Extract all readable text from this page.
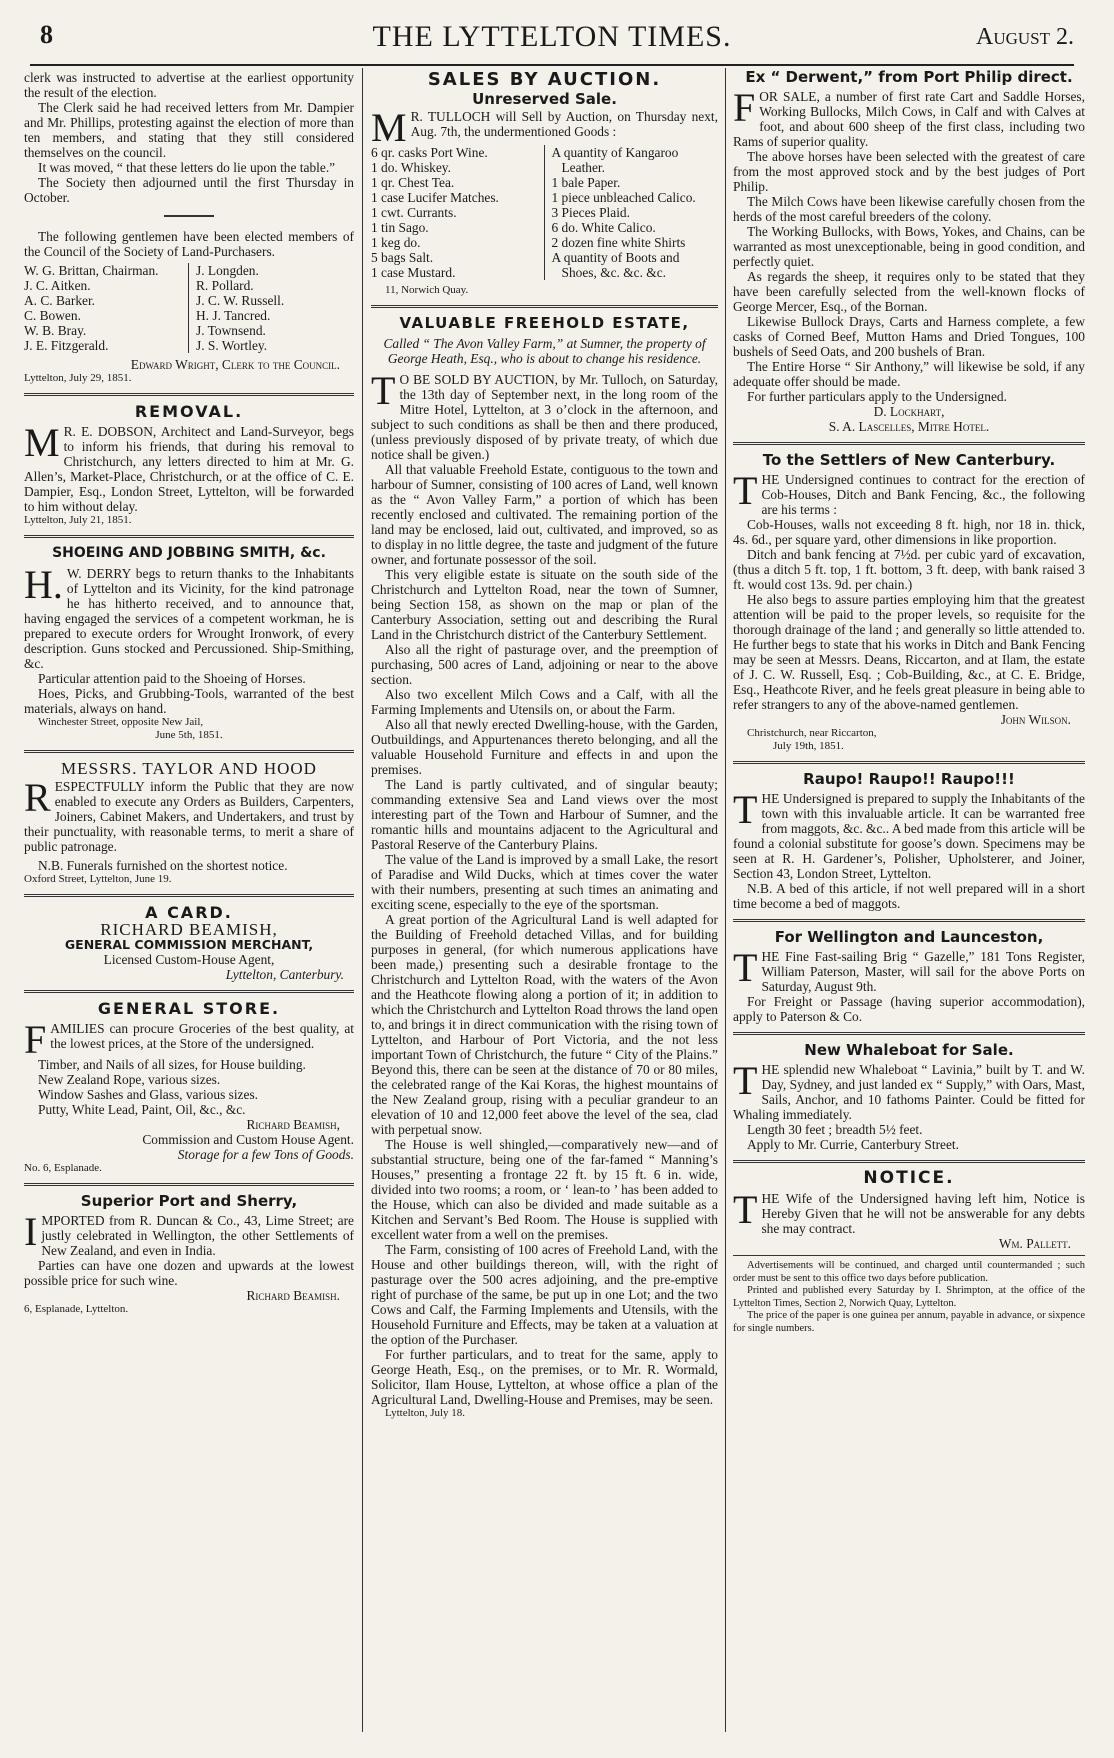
8	THE LYTTELTON TIMES.	August 2.

clerk was instructed to advertise at the earliest opportunity the result of the election.

The Clerk said he had received letters from Mr. Dampier and Mr. Phillips, protesting against the election of more than ten members, and stating that they still considered themselves on the council.

It was moved, “ that these letters do lie upon the table.”

The Society then adjourned until the first Thursday in October.

The following gentlemen have been elected members of the Council of the Society of Land-Purchasers.

W. G. Brittan, Chairman.
J. C. Aitken.
A. C. Barker.
C. Bowen.
W. B. Bray.
J. E. Fitzgerald.
J. Longden.
R. Pollard.
J. C. W. Russell.
H. J. Tancred.
J. Townsend.
J. S. Wortley.

Edward Wright, Clerk to the Council.

Lyttelton, July 29, 1851.

REMOVAL.

M R. E. DOBSON, Architect and Land-Surveyor, begs to inform his friends, that during his removal to Christchurch, any letters directed to him at Mr. G. Allen’s, Market-Place, Christchurch, or at the office of C. E. Dampier, Esq., London Street, Lyttelton, will be forwarded to him without delay.

Lyttelton, July 21, 1851.

SHOEING AND JOBBING SMITH, &c.

H. W. DERRY begs to return thanks to the Inhabitants of Lyttelton and its Vicinity, for the kind patronage he has hitherto received, and to announce that, having engaged the services of a competent workman, he is prepared to execute orders for Wrought Ironwork, of every description. Guns stocked and Percussioned. Ship-Smithing, &c.

Particular attention paid to the Shoeing of Horses.

Hoes, Picks, and Grubbing-Tools, warranted of the best materials, always on hand.

Winchester Street, opposite New Jail,

June 5th, 1851.

MESSRS. TAYLOR AND HOOD

RESPECTFULLY inform the Public that they are now enabled to execute any Orders as Builders, Carpenters, Joiners, Cabinet Makers, and Undertakers, and trust by their punctuality, with reasonable terms, to merit a share of public patronage.

N.B. Funerals furnished on the shortest notice.

Oxford Street, Lyttelton, June 19.

A CARD.
RICHARD BEAMISH,

GENERAL COMMISSION MERCHANT,

Licensed Custom-House Agent,

Lyttelton, Canterbury.

GENERAL STORE.

FAMILIES can procure Groceries of the best quality, at the lowest prices, at the Store of the undersigned.

Timber, and Nails of all sizes, for House building.

New Zealand Rope, various sizes.

Window Sashes and Glass, various sizes.

Putty, White Lead, Paint, Oil, &c., &c.

Richard Beamish,

Commission and Custom House Agent.

Storage for a few Tons of Goods.

No. 6, Esplanade.

Superior Port and Sherry,

IMPORTED from R. Duncan & Co., 43, Lime Street; are justly celebrated in Wellington, the other Settlements of New Zealand, and even in India.

Parties can have one dozen and upwards at the lowest possible price for such wine.

Richard Beamish.

6, Esplanade, Lyttelton.

SALES BY AUCTION.
Unreserved Sale.

M R. TULLOCH will Sell by Auction, on Thursday next, Aug. 7th, the undermentioned Goods :

6 qr. casks Port Wine.
1 do. Whiskey.
1 qr. Chest Tea.
1 case Lucifer Matches.
1 cwt. Currants.
1 tin Sago.
1 keg do.
5 bags Salt.
1 case Mustard.
A quantity of Kangaroo Leather.
1 bale Paper.
1 piece unbleached Calico.
3 Pieces Plaid.
6 do. White Calico.
2 dozen fine white Shirts
A quantity of Boots and Shoes, &c. &c. &c.

11, Norwich Quay.

VALUABLE FREEHOLD ESTATE,

Called “ The Avon Valley Farm,” at Sumner, the property of George Heath, Esq., who is about to change his residence.

T O BE SOLD BY AUCTION, by Mr. Tulloch, on Saturday, the 13th day of September next, in the long room of the Mitre Hotel, Lyttelton, at 3 o’clock in the afternoon, and subject to such conditions as shall be then and there produced, (unless previously disposed of by private treaty, of which due notice shall be given.)

All that valuable Freehold Estate, contiguous to the town and harbour of Sumner, consisting of 100 acres of Land, well known as the “ Avon Valley Farm,” a portion of which has been recently enclosed and cultivated. The remaining portion of the land may be enclosed, laid out, cultivated, and improved, so as to display in no little degree, the taste and judgment of the future owner, and fortunate possessor of the soil.

This very eligible estate is situate on the south side of the Christchurch and Lyttelton Road, near the town of Sumner, being Section 158, as shown on the map or plan of the Canterbury Association, setting out and describing the Rural Land in the Christchurch district of the Canterbury Settlement.

Also all the right of pasturage over, and the preemption of purchasing, 500 acres of Land, adjoining or near to the above section.

Also two excellent Milch Cows and a Calf, with all the Farming Implements and Utensils on, or about the Farm.

Also all that newly erected Dwelling-house, with the Garden, Outbuildings, and Appurtenances thereto belonging, and all the valuable Household Furniture and effects in and upon the premises.

The Land is partly cultivated, and of singular beauty; commanding extensive Sea and Land views over the most interesting part of the Town and Harbour of Sumner, and the romantic hills and mountains adjacent to the Agricultural and Pastoral Reserve of the Canterbury Plains.

The value of the Land is improved by a small Lake, the resort of Paradise and Wild Ducks, which at times cover the water with their numbers, presenting at such times an animating and exciting scene, especially to the eye of the sportsman.

A great portion of the Agricultural Land is well adapted for the Building of Freehold detached Villas, and for building purposes in general, (for which numerous applications have been made,) presenting such a desirable frontage to the Christchurch and Lyttelton Road, with the waters of the Avon and the Heathcote flowing along a portion of it; in addition to which the Christchurch and Lyttelton Road throws the land open to, and brings it in direct communication with the rising town of Lyttelton, and Harbour of Port Victoria, and the not less important Town of Christchurch, the future “ City of the Plains.” Beyond this, there can be seen at the distance of 70 or 80 miles, the celebrated range of the Kai Koras, the highest mountains of the New Zealand group, rising with a peculiar grandeur to an elevation of 10 and 12,000 feet above the level of the sea, clad with perpetual snow.

The House is well shingled,—comparatively new—and of substantial structure, being one of the far-famed “ Manning’s Houses,” presenting a frontage 22 ft. by 15 ft. 6 in. wide, divided into two rooms; a room, or ‘ lean-to ’ has been added to the House, which can also be divided and made suitable as a Kitchen and Servant’s Bed Room. The House is supplied with excellent water from a well on the premises.

The Farm, consisting of 100 acres of Freehold Land, with the House and other buildings thereon, will, with the right of pasturage over the 500 acres adjoining, and the pre-emptive right of purchase of the same, be put up in one Lot; and the two Cows and Calf, the Farming Implements and Utensils, with the Household Furniture and Effects, may be taken at a valuation at the option of the Purchaser.

For further particulars, and to treat for the same, apply to George Heath, Esq., on the premises, or to Mr. R. Wormald, Solicitor, Ilam House, Lyttelton, at whose office a plan of the Agricultural Land, Dwelling-House and Premises, may be seen.

Lyttelton, July 18.

Ex “ Derwent,” from Port Philip direct.

FOR SALE, a number of first rate Cart and Saddle Horses, Working Bullocks, Milch Cows, in Calf and with Calves at foot, and about 600 sheep of the first class, including two Rams of superior quality.

The above horses have been selected with the greatest of care from the most approved stock and by the best judges of Port Philip.

The Milch Cows have been likewise carefully chosen from the herds of the most careful breeders of the colony.

The Working Bullocks, with Bows, Yokes, and Chains, can be warranted as most unexceptionable, being in good condition, and perfectly quiet.

As regards the sheep, it requires only to be stated that they have been carefully selected from the well-known flocks of George Mercer, Esq., of the Bornan.

Likewise Bullock Drays, Carts and Harness complete, a few casks of Corned Beef, Mutton Hams and Dried Tongues, 100 bushels of Seed Oats, and 200 bushels of Bran.

The Entire Horse “ Sir Anthony,” will likewise be sold, if any adequate offer should be made.

For further particulars apply to the Undersigned.

D. Lockhart,

S. A. Lascelles, Mitre Hotel.

To the Settlers of New Canterbury.

THE Undersigned continues to contract for the erection of Cob-Houses, Ditch and Bank Fencing, &c., the following are his terms :

Cob-Houses, walls not exceeding 8 ft. high, nor 18 in. thick, 4s. 6d., per square yard, other dimensions in like proportion.

Ditch and bank fencing at 7½d. per cubic yard of excavation, (thus a ditch 5 ft. top, 1 ft. bottom, 3 ft. deep, with bank raised 3 ft. would cost 13s. 9d. per chain.)

He also begs to assure parties employing him that the greatest attention will be paid to the proper levels, so requisite for the thorough drainage of the land ; and generally so little attended to. He further begs to state that his works in Ditch and Bank Fencing may be seen at Messrs. Deans, Riccarton, and at Ilam, the estate of J. C. W. Russell, Esq. ; Cob-Building, &c., at C. E. Bridge, Esq., Heathcote River, and he feels great pleasure in being able to refer strangers to any of the above-named gentlemen.

John Wilson.

Christchurch, near Riccarton,

July 19th, 1851.

Raupo! Raupo!! Raupo!!!

THE Undersigned is prepared to supply the Inhabitants of the town with this invaluable article. It can be warranted free from maggots, &c. &c.. A bed made from this article will be found a colonial substitute for goose’s down. Specimens may be seen at R. H. Gardener’s, Polisher, Upholsterer, and Joiner, Section 43, London Street, Lyttelton.

N.B. A bed of this article, if not well prepared will in a short time become a bed of maggots.

For Wellington and Launceston,

THE Fine Fast-sailing Brig “ Gazelle,” 181 Tons Register, William Paterson, Master, will sail for the above Ports on Saturday, August 9th.

For Freight or Passage (having superior accommodation), apply to Paterson & Co.

New Whaleboat for Sale.

THE splendid new Whaleboat “ Lavinia,” built by T. and W. Day, Sydney, and just landed ex “ Supply,” with Oars, Mast, Sails, Anchor, and 10 fathoms Painter. Could be fitted for Whaling immediately.

Length 30 feet ; breadth 5½ feet.

Apply to Mr. Currie, Canterbury Street.

NOTICE.

THE Wife of the Undersigned having left him, Notice is Hereby Given that he will not be answerable for any debts she may contract.

Wm. Pallett.

Advertisements will be continued, and charged until countermanded ; such order must be sent to this office two days before publication.

Printed and published every Saturday by I. Shrimpton, at the office of the Lyttelton Times, Section 2, Norwich Quay, Lyttelton.

The price of the paper is one guinea per annum, payable in advance, or sixpence for single numbers.
